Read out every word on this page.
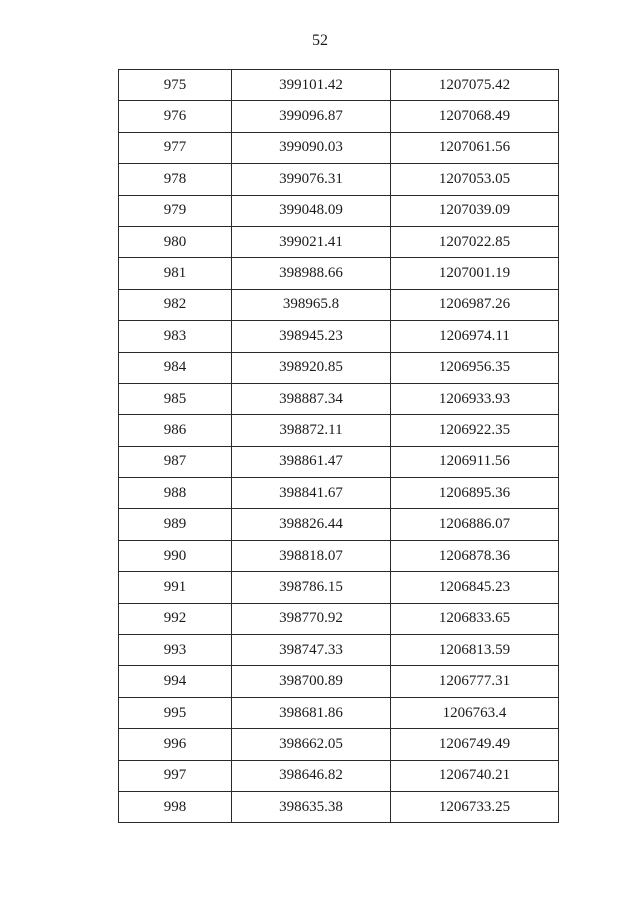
52
975	399101.42	1207075.42
976	399096.87	1207068.49
977	399090.03	1207061.56
978	399076.31	1207053.05
979	399048.09	1207039.09
980	399021.41	1207022.85
981	398988.66	1207001.19
982	398965.8	1206987.26
983	398945.23	1206974.11
984	398920.85	1206956.35
985	398887.34	1206933.93
986	398872.11	1206922.35
987	398861.47	1206911.56
988	398841.67	1206895.36
989	398826.44	1206886.07
990	398818.07	1206878.36
991	398786.15	1206845.23
992	398770.92	1206833.65
993	398747.33	1206813.59
994	398700.89	1206777.31
995	398681.86	1206763.4
996	398662.05	1206749.49
997	398646.82	1206740.21
998	398635.38	1206733.25
